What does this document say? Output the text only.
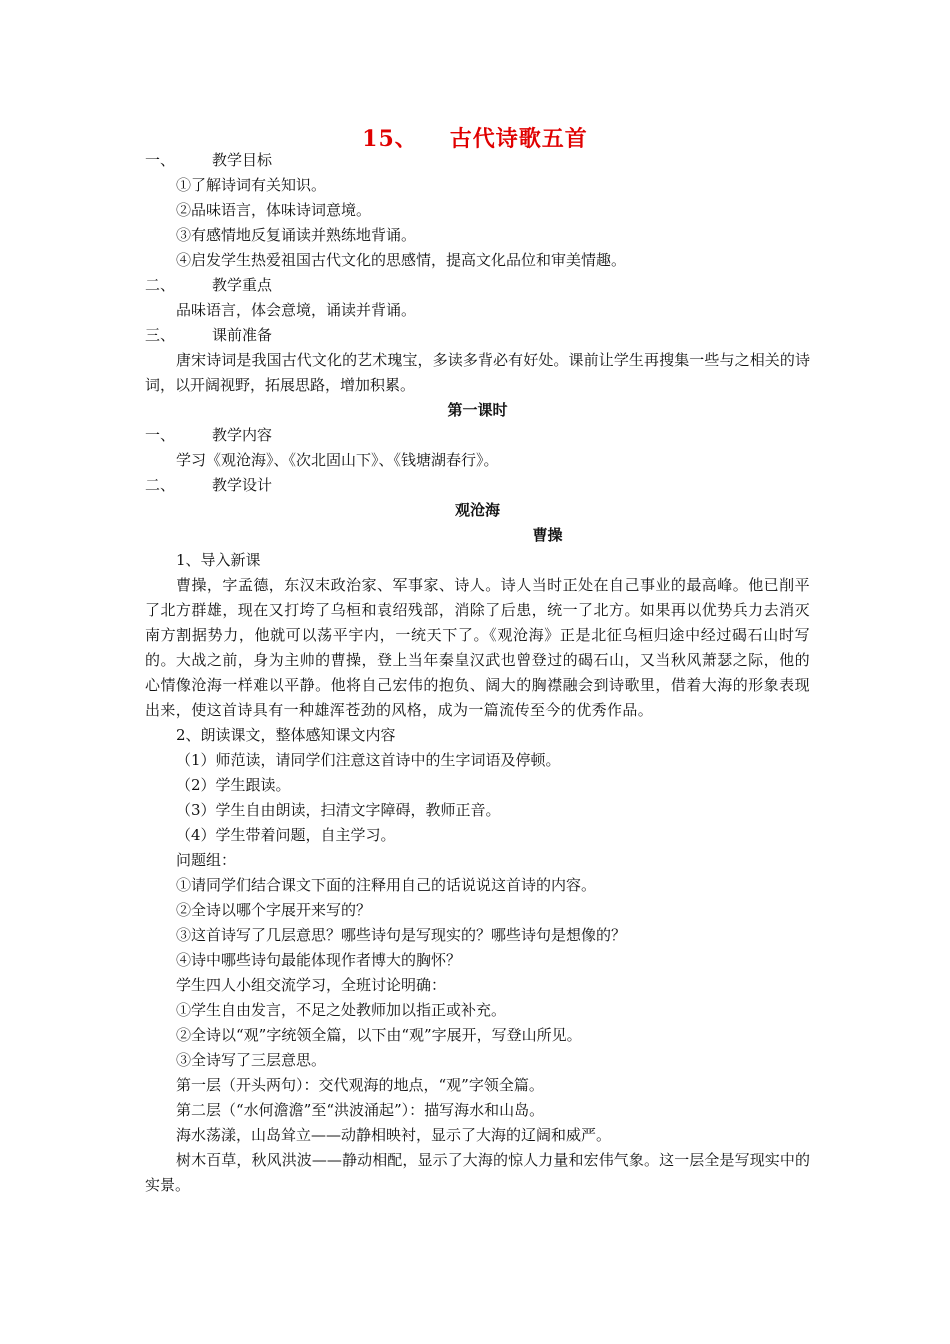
15、 古代诗歌五首
一、 教学目标
①了解诗词有关知识。
②品味语言，体味诗词意境。
③有感情地反复诵读并熟练地背诵。
④启发学生热爱祖国古代文化的思感情，提高文化品位和审美情趣。
二、 教学重点
品味语言，体会意境，诵读并背诵。
三、 课前准备
唐宋诗词是我国古代文化的艺术瑰宝，多读多背必有好处。课前让学生再搜集一些与之相关的诗词，以开阔视野，拓展思路，增加积累。
第一课时
一、 教学内容
学习《观沧海》、《次北固山下》、《钱塘湖春行》。
二、 教学设计
观沧海
曹操
1、导入新课
曹操，字孟德，东汉末政治家、军事家、诗人。诗人当时正处在自己事业的最高峰。他已削平了北方群雄，现在又打垮了乌桓和袁绍残部，消除了后患，统一了北方。如果再以优势兵力去消灭南方割据势力，他就可以荡平宇内，一统天下了。《观沧海》正是北征乌桓归途中经过碣石山时写的。大战之前，身为主帅的曹操，登上当年秦皇汉武也曾登过的碣石山，又当秋风萧瑟之际，他的心情像沧海一样难以平静。他将自己宏伟的抱负、阔大的胸襟融会到诗歌里，借着大海的形象表现出来，使这首诗具有一种雄浑苍劲的风格，成为一篇流传至今的优秀作品。
2、朗读课文，整体感知课文内容
（1）师范读，请同学们注意这首诗中的生字词语及停顿。
（2）学生跟读。
（3）学生自由朗读，扫清文字障碍，教师正音。
（4）学生带着问题，自主学习。
问题组：
①请同学们结合课文下面的注释用自己的话说说这首诗的内容。
②全诗以哪个字展开来写的？
③这首诗写了几层意思？哪些诗句是写现实的？哪些诗句是想像的？
④诗中哪些诗句最能体现作者博大的胸怀？
学生四人小组交流学习，全班讨论明确：
①学生自由发言，不足之处教师加以指正或补充。
②全诗以“观”字统领全篇，以下由“观”字展开，写登山所见。
③全诗写了三层意思。
第一层（开头两句）：交代观海的地点，“观”字领全篇。
第二层（“水何澹澹”至“洪波涌起”）：描写海水和山岛。
海水荡漾，山岛耸立——动静相映衬，显示了大海的辽阔和威严。
树木百草，秋风洪波——静动相配，显示了大海的惊人力量和宏伟气象。这一层全是写现实中的实景。
